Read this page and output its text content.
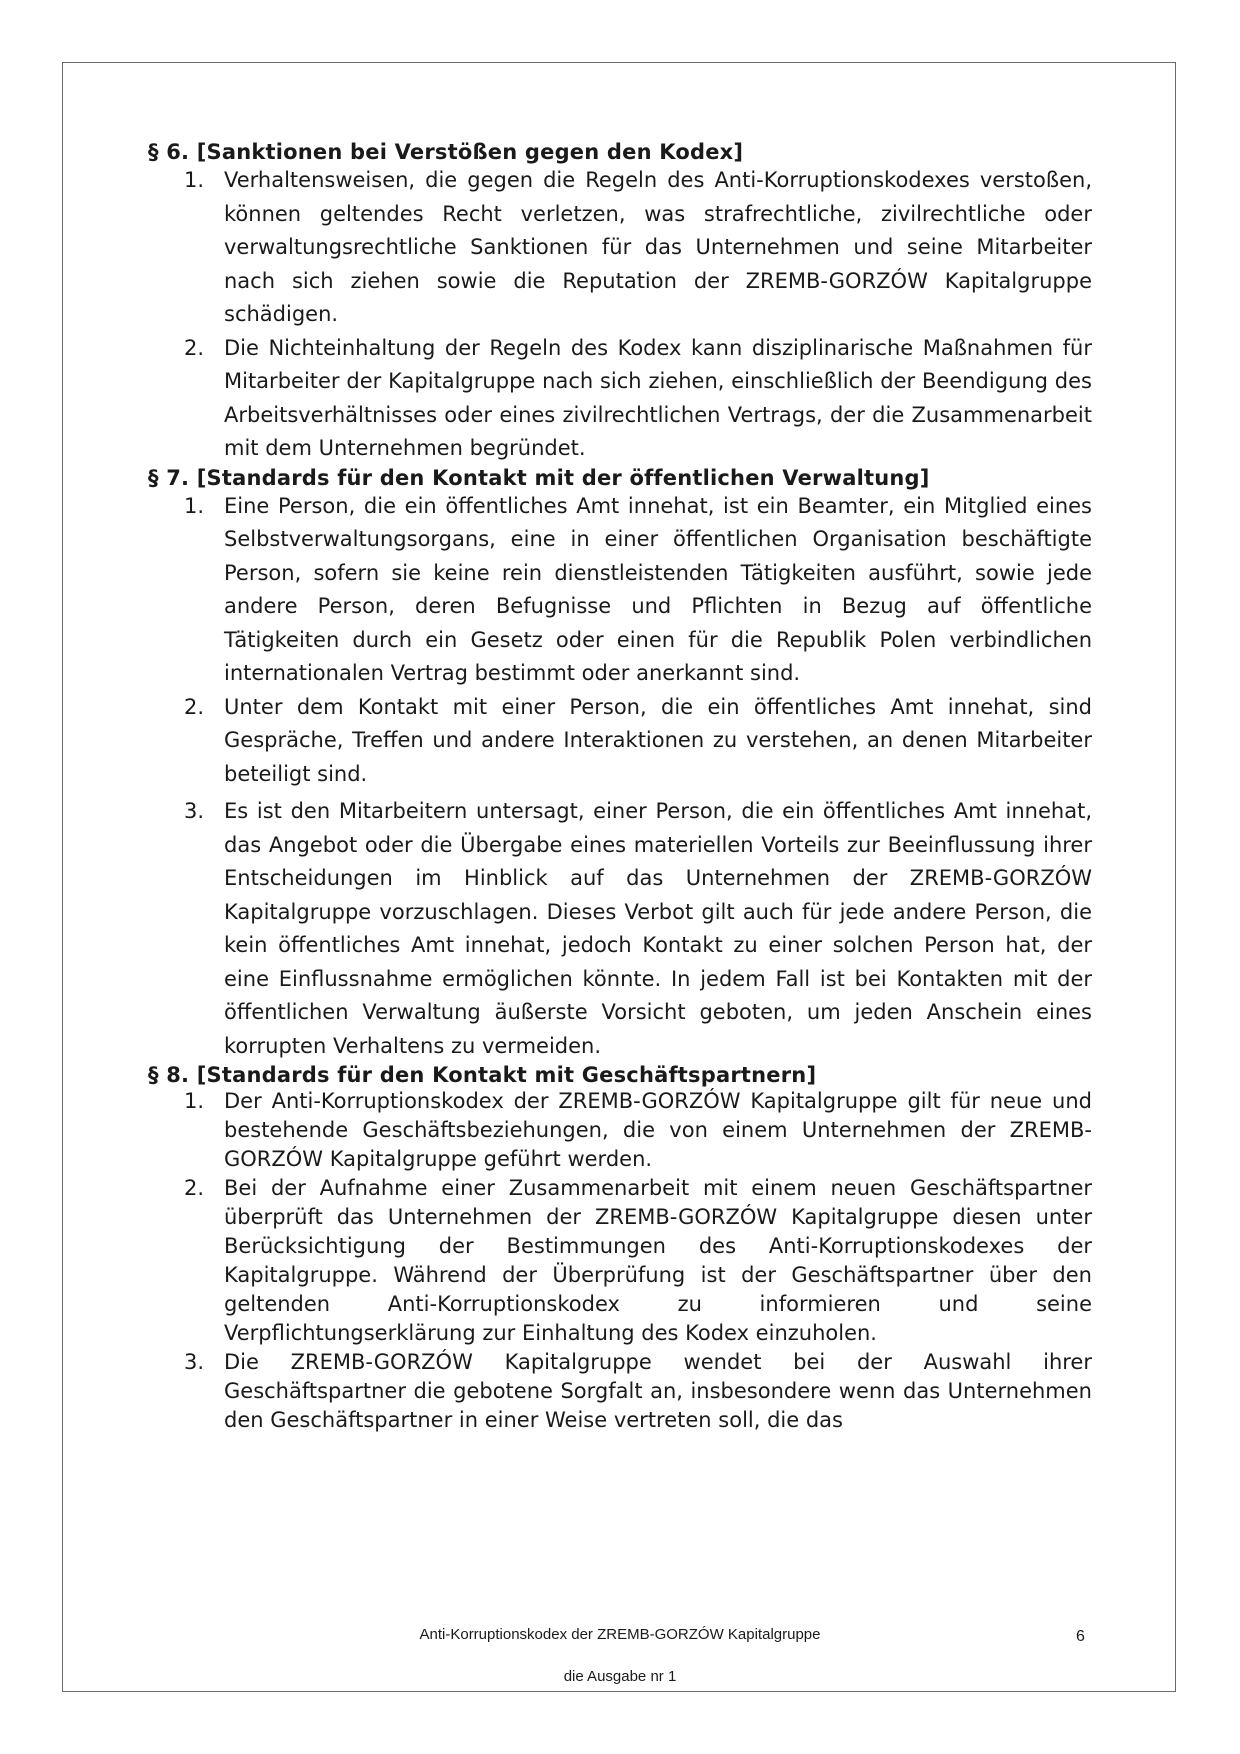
§ 6. [Sanktionen bei Verstößen gegen den Kodex]
1. Verhaltensweisen, die gegen die Regeln des Anti-Korruptionskodexes verstoßen, können geltendes Recht verletzen, was strafrechtliche, zivilrechtliche oder verwaltungsrechtliche Sanktionen für das Unternehmen und seine Mitarbeiter nach sich ziehen sowie die Reputation der ZREMB-GORZÓW Kapitalgruppe schädigen.
2. Die Nichteinhaltung der Regeln des Kodex kann disziplinarische Maßnahmen für Mitarbeiter der Kapitalgruppe nach sich ziehen, einschließlich der Beendigung des Arbeitsverhältnisses oder eines zivilrechtlichen Vertrags, der die Zusammenarbeit mit dem Unternehmen begründet.
§ 7. [Standards für den Kontakt mit der öffentlichen Verwaltung]
1. Eine Person, die ein öffentliches Amt innehat, ist ein Beamter, ein Mitglied eines Selbstverwaltungsorgans, eine in einer öffentlichen Organisation beschäftigte Person, sofern sie keine rein dienstleistenden Tätigkeiten ausführt, sowie jede andere Person, deren Befugnisse und Pflichten in Bezug auf öffentliche Tätigkeiten durch ein Gesetz oder einen für die Republik Polen verbindlichen internationalen Vertrag bestimmt oder anerkannt sind.
2. Unter dem Kontakt mit einer Person, die ein öffentliches Amt innehat, sind Gespräche, Treffen und andere Interaktionen zu verstehen, an denen Mitarbeiter beteiligt sind.
3. Es ist den Mitarbeitern untersagt, einer Person, die ein öffentliches Amt innehat, das Angebot oder die Übergabe eines materiellen Vorteils zur Beeinflussung ihrer Entscheidungen im Hinblick auf das Unternehmen der ZREMB-GORZÓW Kapitalgruppe vorzuschlagen. Dieses Verbot gilt auch für jede andere Person, die kein öffentliches Amt innehat, jedoch Kontakt zu einer solchen Person hat, der eine Einflussnahme ermöglichen könnte. In jedem Fall ist bei Kontakten mit der öffentlichen Verwaltung äußerste Vorsicht geboten, um jeden Anschein eines korrupten Verhaltens zu vermeiden.
§ 8. [Standards für den Kontakt mit Geschäftspartnern]
1. Der Anti-Korruptionskodex der ZREMB-GORZÓW Kapitalgruppe gilt für neue und bestehende Geschäftsbeziehungen, die von einem Unternehmen der ZREMB-GORZÓW Kapitalgruppe geführt werden.
2. Bei der Aufnahme einer Zusammenarbeit mit einem neuen Geschäftspartner überprüft das Unternehmen der ZREMB-GORZÓW Kapitalgruppe diesen unter Berücksichtigung der Bestimmungen des Anti-Korruptionskodexes der Kapitalgruppe. Während der Überprüfung ist der Geschäftspartner über den geltenden Anti-Korruptionskodex zu informieren und seine Verpflichtungserklärung zur Einhaltung des Kodex einzuholen.
3. Die ZREMB-GORZÓW Kapitalgruppe wendet bei der Auswahl ihrer Geschäftspartner die gebotene Sorgfalt an, insbesondere wenn das Unternehmen den Geschäftspartner in einer Weise vertreten soll, die das
Anti-Korruptionskodex der ZREMB-GORZÓW Kapitalgruppe	6
die Ausgabe nr 1
